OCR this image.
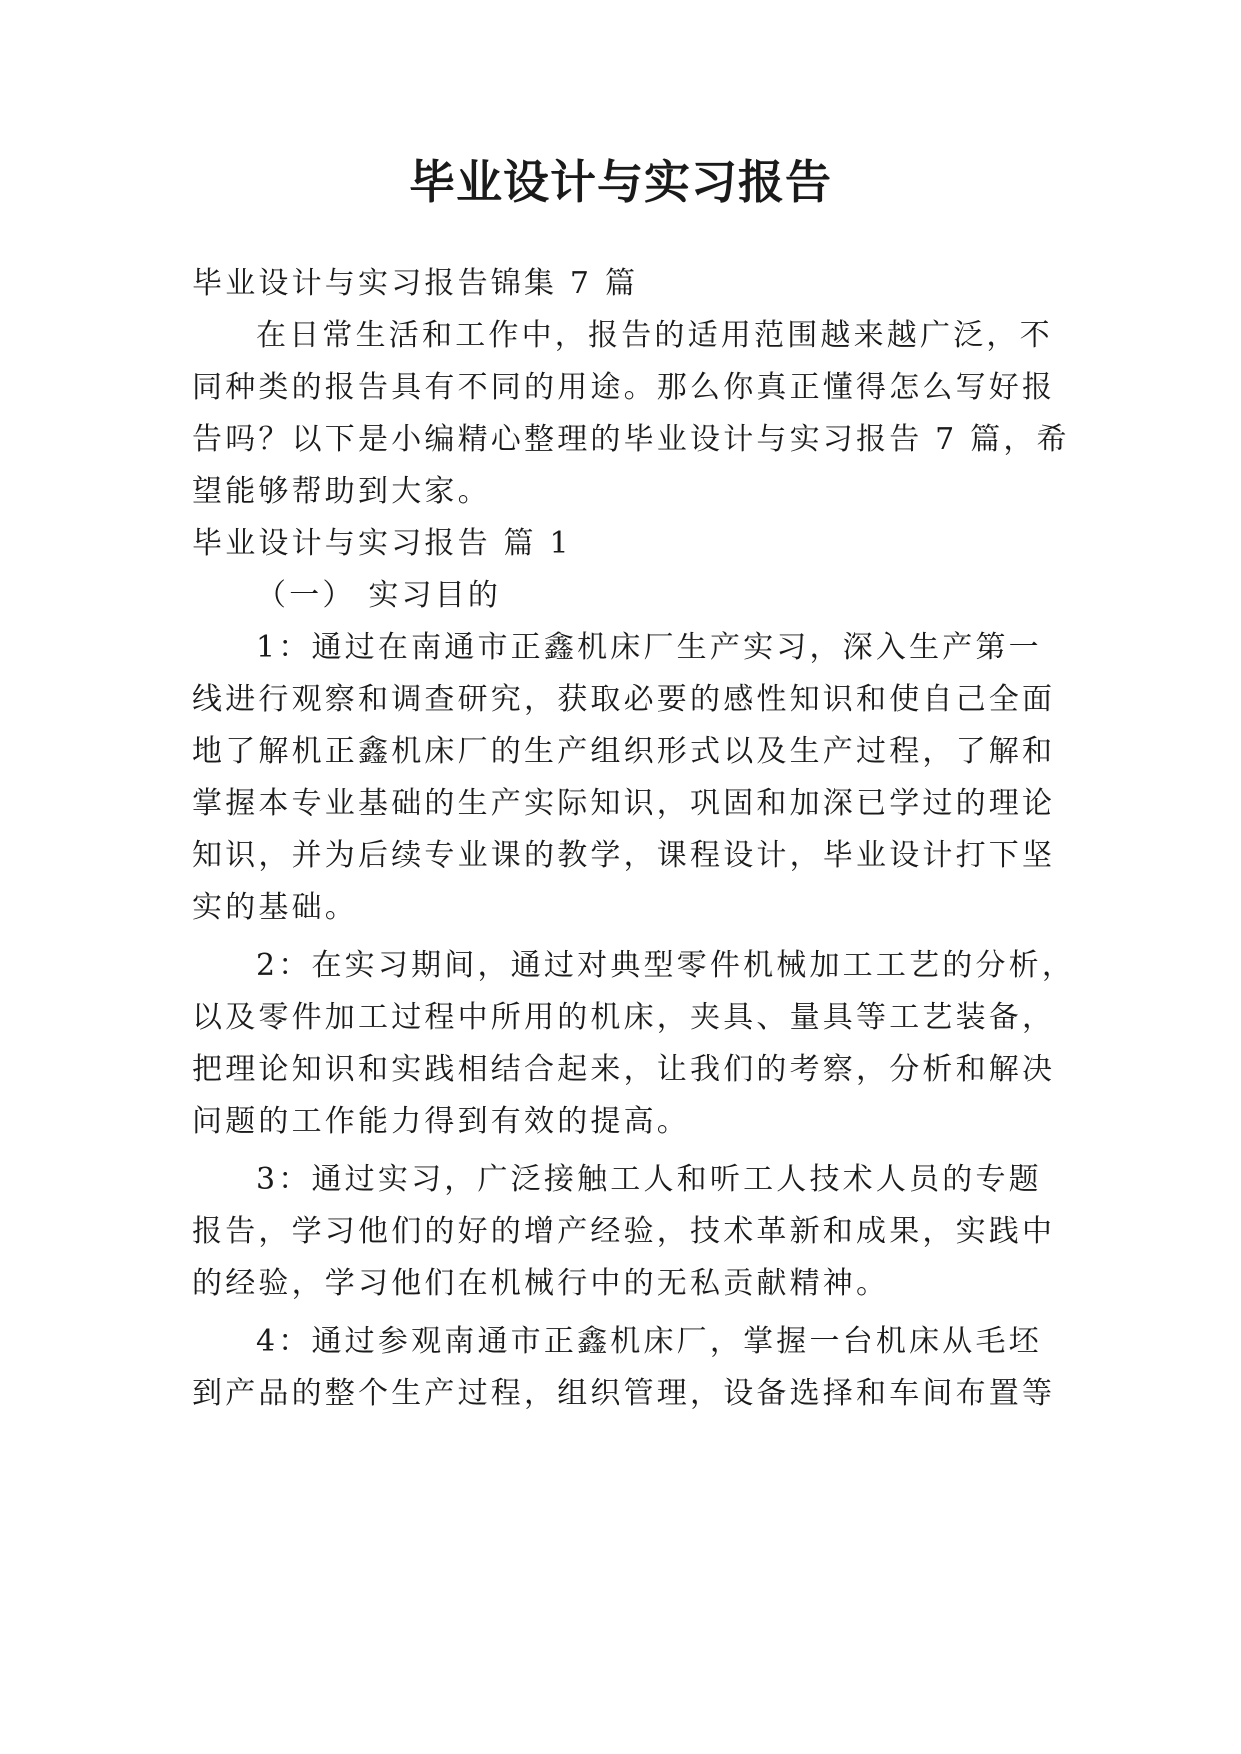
毕业设计与实习报告
毕业设计与实习报告锦集 7 篇
在日常生活和工作中，报告的适用范围越来越广泛，不
同种类的报告具有不同的用途。那么你真正懂得怎么写好报
告吗？以下是小编精心整理的毕业设计与实习报告 7 篇，希
望能够帮助到大家。
毕业设计与实习报告 篇 1
（一） 实习目的
1：通过在南通市正鑫机床厂生产实习，深入生产第一
线进行观察和调查研究，获取必要的感性知识和使自己全面
地了解机正鑫机床厂的生产组织形式以及生产过程，了解和
掌握本专业基础的生产实际知识，巩固和加深已学过的理论
知识，并为后续专业课的教学，课程设计，毕业设计打下坚
实的基础。
2：在实习期间，通过对典型零件机械加工工艺的分析，
以及零件加工过程中所用的机床，夹具、量具等工艺装备，
把理论知识和实践相结合起来，让我们的考察，分析和解决
问题的工作能力得到有效的提高。
3：通过实习，广泛接触工人和听工人技术人员的专题
报告，学习他们的好的增产经验，技术革新和成果，实践中
的经验，学习他们在机械行中的无私贡献精神。
4：通过参观南通市正鑫机床厂，掌握一台机床从毛坯
到产品的整个生产过程，组织管理，设备选择和车间布置等
